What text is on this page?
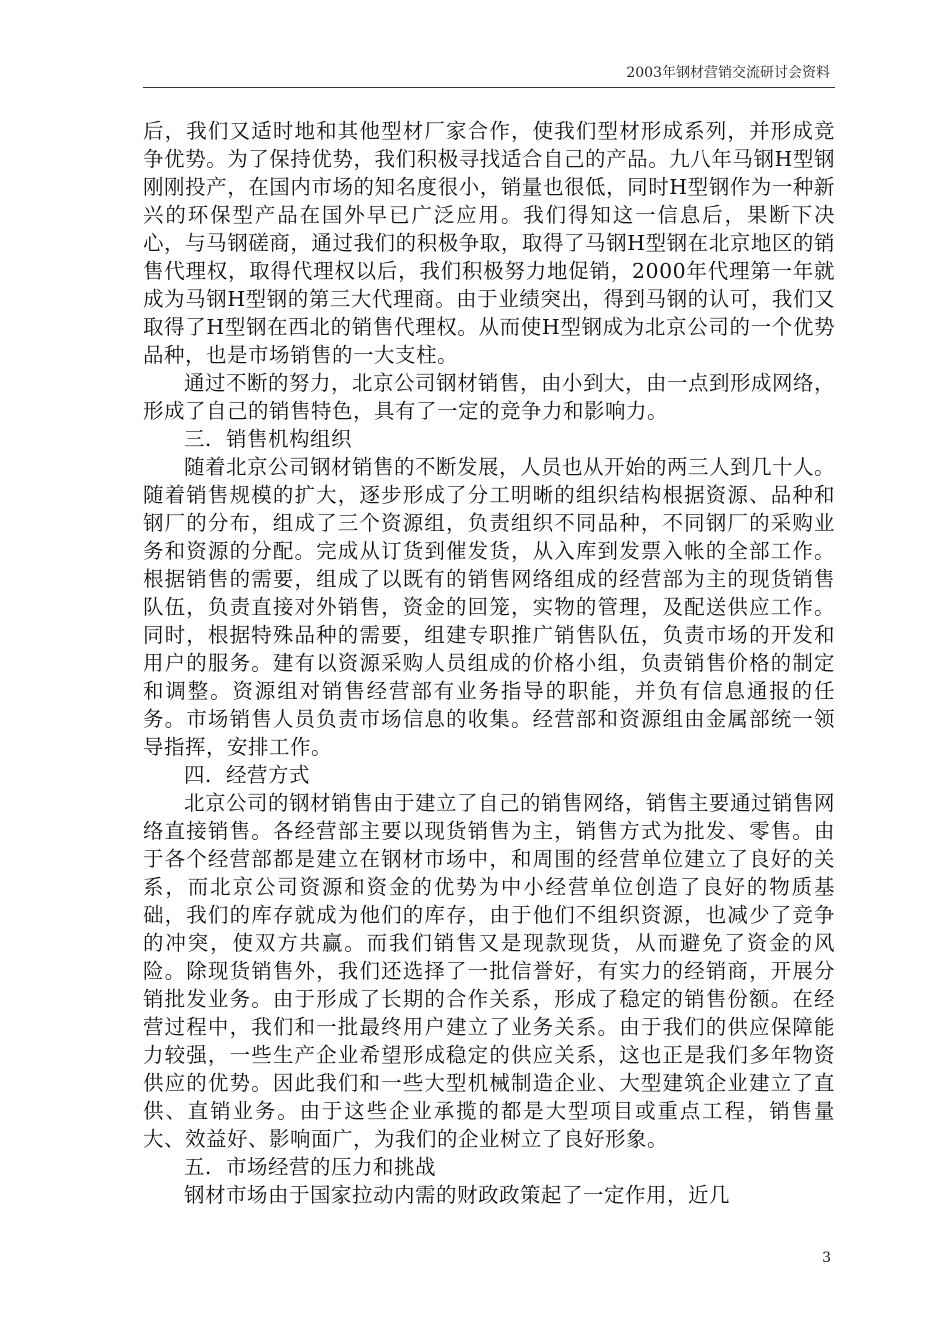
2003年钢材营销交流研讨会资料

后，我们又适时地和其他型材厂家合作，使我们型材形成系列，并形成竞争优势。为了保持优势，我们积极寻找适合自己的产品。九八年马钢H型钢刚刚投产，在国内市场的知名度很小，销量也很低，同时H型钢作为一种新兴的环保型产品在国外早已广泛应用。我们得知这一信息后，果断下决心，与马钢磋商，通过我们的积极争取，取得了马钢H型钢在北京地区的销售代理权，取得代理权以后，我们积极努力地促销，2000年代理第一年就成为马钢H型钢的第三大代理商。由于业绩突出，得到马钢的认可，我们又取得了H型钢在西北的销售代理权。从而使H型钢成为北京公司的一个优势品种，也是市场销售的一大支柱。

通过不断的努力，北京公司钢材销售，由小到大，由一点到形成网络，形成了自己的销售特色，具有了一定的竞争力和影响力。

三．销售机构组织

随着北京公司钢材销售的不断发展，人员也从开始的两三人到几十人。随着销售规模的扩大，逐步形成了分工明晰的组织结构根据资源、品种和钢厂的分布，组成了三个资源组，负责组织不同品种，不同钢厂的采购业务和资源的分配。完成从订货到催发货，从入库到发票入帐的全部工作。根据销售的需要，组成了以既有的销售网络组成的经营部为主的现货销售队伍，负责直接对外销售，资金的回笼，实物的管理，及配送供应工作。同时，根据特殊品种的需要，组建专职推广销售队伍，负责市场的开发和用户的服务。建有以资源采购人员组成的价格小组，负责销售价格的制定和调整。资源组对销售经营部有业务指导的职能，并负有信息通报的任务。市场销售人员负责市场信息的收集。经营部和资源组由金属部统一领导指挥，安排工作。

四．经营方式

北京公司的钢材销售由于建立了自己的销售网络，销售主要通过销售网络直接销售。各经营部主要以现货销售为主，销售方式为批发、零售。由于各个经营部都是建立在钢材市场中，和周围的经营单位建立了良好的关系，而北京公司资源和资金的优势为中小经营单位创造了良好的物质基础，我们的库存就成为他们的库存，由于他们不组织资源，也减少了竞争的冲突，使双方共赢。而我们销售又是现款现货，从而避免了资金的风险。除现货销售外，我们还选择了一批信誉好，有实力的经销商，开展分销批发业务。由于形成了长期的合作关系，形成了稳定的销售份额。在经营过程中，我们和一批最终用户建立了业务关系。由于我们的供应保障能力较强，一些生产企业希望形成稳定的供应关系，这也正是我们多年物资供应的优势。因此我们和一些大型机械制造企业、大型建筑企业建立了直供、直销业务。由于这些企业承揽的都是大型项目或重点工程，销售量大、效益好、影响面广，为我们的企业树立了良好形象。

五．市场经营的压力和挑战

钢材市场由于国家拉动内需的财政政策起了一定作用，近几

3
